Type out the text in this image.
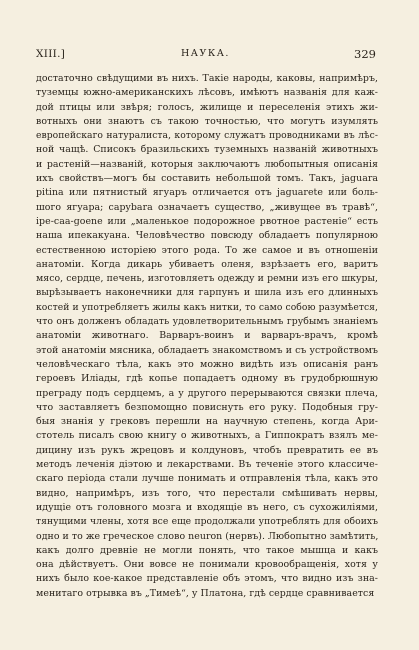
XIII.]	НАУКА.	329
достаточно свѣдущими въ нихъ. Такіе народы, каковы, напримѣръ,
туземцы южно-американскихъ лѣсовъ, имѣютъ названія для каж-
дой птицы или звѣря; голосъ, жилище и переселенія этихъ жи-
вотныхъ они знаютъ съ такою точностью, что могутъ изумлять
европейскаго натуралиста, которому служатъ проводниками въ лѣс-
ной чащѣ. Списокъ бразильскихъ туземныхъ названій животныхъ
и растеній—названій, которыя заключаютъ любопытныя описанія
ихъ свойствъ—могъ бы составить небольшой томъ. Такъ, jaguara
pitina или пятнистый ягуаръ отличается отъ jaguarete или боль-
шого ягуара; capybara означаетъ существо, „живущее въ травѣ“,
ipe-caa-goene или „маленькое подорожное рвотное растеніе“ есть
наша ипекакуана. Человѣчество повсюду обладаетъ популярною
естественною исторіею этого рода. То же самое и въ отношеніи
анатоміи. Когда дикарь убиваетъ оленя, взрѣзаетъ его, варитъ
мясо, сердце, печень, изготовляетъ одежду и ремни изъ его шкуры,
вырѣзываетъ наконечники для гарпунъ и шила изъ его длинныхъ
костей и употребляетъ жилы какъ нитки, то само собою разумѣется,
что онъ долженъ обладать удовлетворительнымъ грубымъ знаніемъ
анатоміи животнаго. Варваръ-воинъ и варваръ-врачъ, кромѣ
этой анатоміи мясника, обладаетъ знакомствомъ и съ устройствомъ
человѣческаго тѣла, какъ это можно видѣть изъ описанія ранъ
героевъ Иліады, гдѣ копье попадаетъ одному въ грудобрюшную
преграду подъ сердцемъ, а у другого перерываются связки плеча,
что заставляетъ безпомощно повиснуть его руку. Подобныя гру-
быя знанія у грековъ перешли на научную степень, когда Ари-
стотель писалъ свою книгу о животныхъ, а Гиппократъ взялъ ме-
дицину изъ рукъ жрецовъ и колдуновъ, чтобъ превратить ее въ
методъ леченія діэтою и лекарствами. Въ теченіе этого классиче-
скаго періода стали лучше понимать и отправленія тѣла, какъ это
видно, напримѣръ, изъ того, что перестали смѣшивать нервы,
идущіе отъ головного мозга и входящіе въ него, съ сухожиліями,
тянущими члены, хотя все еще продолжали употреблять для обоихъ
одно и то же греческое слово neuron (нервъ). Любопытно замѣтить,
какъ долго древніе не могли понять, что такое мышца и какъ
она дѣйствуетъ. Они вовсе не понимали кровообращенія, хотя у
нихъ было кое-какое представленіе объ этомъ, что видно изъ зна-
менитаго отрывка въ „Тимеѣ“, у Платона, гдѣ сердце сравнивается
